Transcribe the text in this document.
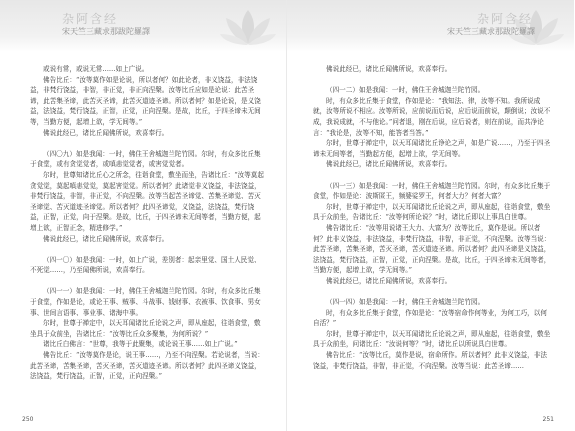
杂阿含经
宋天竺三藏求那跋陀羅譯

或说有常，或说无常……如上广说。

佛告比丘：“汝等莫作如是论说，所以者何？如此论者，非义饶益，非法饶益，非梵行饶益，非智，非正觉，非正向涅槃。汝等比丘应如是论说：此苦圣谛，此苦集圣谛，此苦灭圣谛，此苦灭道迹圣谛。所以者何？如是论说，是义饶益，法饶益，梵行饶益，正智，正觉，正向涅槃。是故，比丘，于四圣谛未无间等，当勤方便，起增上欲，学无间等。”

佛说此经已，诸比丘闻佛所说，欢喜奉行。

（四〇九）如是我闻：一时，佛住王舍城迦兰陀竹园。尔时，有众多比丘集于食堂，或有贪觉觉者，或嗔恚觉觉者，或害觉觉者。

尔时，世尊知诸比丘心之所念，往诣食堂，敷坐而坐，告诸比丘：“汝等莫起贪觉觉，莫起嗔恚觉觉，莫起害觉觉。所以者何？此诸觉非义饶益，非法饶益，非梵行饶益，非智，非正觉，不向涅槃。汝等当起苦圣谛觉、苦集圣谛觉、苦灭圣谛觉、苦灭道迹圣谛觉。所以者何？此四圣谛觉，义饶益，法饶益，梵行饶益，正智，正觉，向于涅槃。是故，比丘，于四圣谛未无间等者，当勤方便，起增上欲，正智正念，精进修学。”

佛说此经已，诸比丘闻佛所说，欢喜奉行。

（四一〇）如是我闻：一时，如上广说，差别者：起亲里觉、国土人民觉、不死觉……，乃至闻佛所说，欢喜奉行。

（四一一）如是我闻：一时，佛住王舍城迦兰陀竹园。尔时，有众多比丘集于食堂，作如是论，或论王事、贼事、斗战事、钱财事、衣被事、饮食事、男女事、世间言语事、事业事、诸海中事。

尔时，世尊于禅定中，以天耳闻诸比丘论说之声，即从座起，往诣食堂，敷坐具于众前坐，告诸比丘：“汝等比丘众多聚集，为何所说？”

诸比丘白佛言：“世尊，我等于此聚集，或论说王事……如上广说。”

佛告比丘：“汝等莫作是论，说王事……，乃至不向涅槃。若论说者，当说：此苦圣谛，苦集圣谛，苦灭圣谛，苦灭道迹圣谛。所以者何？此四圣谛义饶益，法饶益，梵行饶益，正智，正觉，正向涅槃。”

250
杂阿含经
宋天竺三藏求那跋陀羅譯

佛说此经已，诸比丘闻佛所说，欢喜奉行。

（四一二）如是我闻：一时，佛住王舍城迦兰陀竹园。

时，有众多比丘集于食堂，作如是论：“我知法、律，汝等不知。我所说成就，汝等所说不相应。汝等所说，应前说而后说，应后说而前说，颠倒说；汝说不成，我说成就，不与他论。”问者退，刚在后说，应后说者，则在前说，而共净论言：“我论是，汝等不知，能答者当答。”

尔时，世尊于禅定中，以天耳闻诸比丘诤论之声，如是广说……，乃至于四圣谛未无间等者，当勤起方便，起增上欲，学无间等。

佛说此经已，诸比丘闻佛所说，欢喜奉行。

（四一三）如是我闻：一时，佛住王舍城迦兰陀竹园。尔时，有众多比丘集于食堂，作如是论：波斯匿王，频婆娑罗王，何者大力？何者大富？

尔时，世尊于禅定中，以天耳闻诸比丘论说之声，即从座起，往诣食堂，敷坐具于众前坐，告诸比丘：“汝等何所论说？”时，诸比丘即以上事具白世尊。

佛告诸比丘：“汝等用说诸王大力、大富为？汝等比丘，莫作是说。所以者何？此非义饶益，非法饶益，非梵行饶益，非智，非正觉，不向涅槃。汝等当说：此苦圣谛，苦集圣谛，苦灭圣谛，苦灭道迹圣谛。所以者何？此四圣谛是义饶益，法饶益，梵行饶益，正智，正觉，正向涅槃。是故，比丘，于四圣谛未无间等者，当勤方便，起增上欲，学无间等。”

佛说此经已，诸比丘闻佛所说，欢喜奉行。

（四一四）如是我闻：一时，佛住王舍城迦兰陀竹园。

时，有众多比丘集于食堂，作如是论：“汝等宿命作何等业，为何工巧，以何自活？”

尔时，世尊于禅定中，以天耳闻诸比丘论说之声，即从座起，往诣食堂，敷坐具于众前坐，问诸比丘：“汝说何等？”时，诸比丘以所说具白世尊。

佛告比丘：“汝等比丘，莫作是说，宿命所作。所以者何？此非义饶益，非法饶益，非梵行饶益，非智，非正觉，不向涅槃。汝等当说：此苦圣谛……

251
